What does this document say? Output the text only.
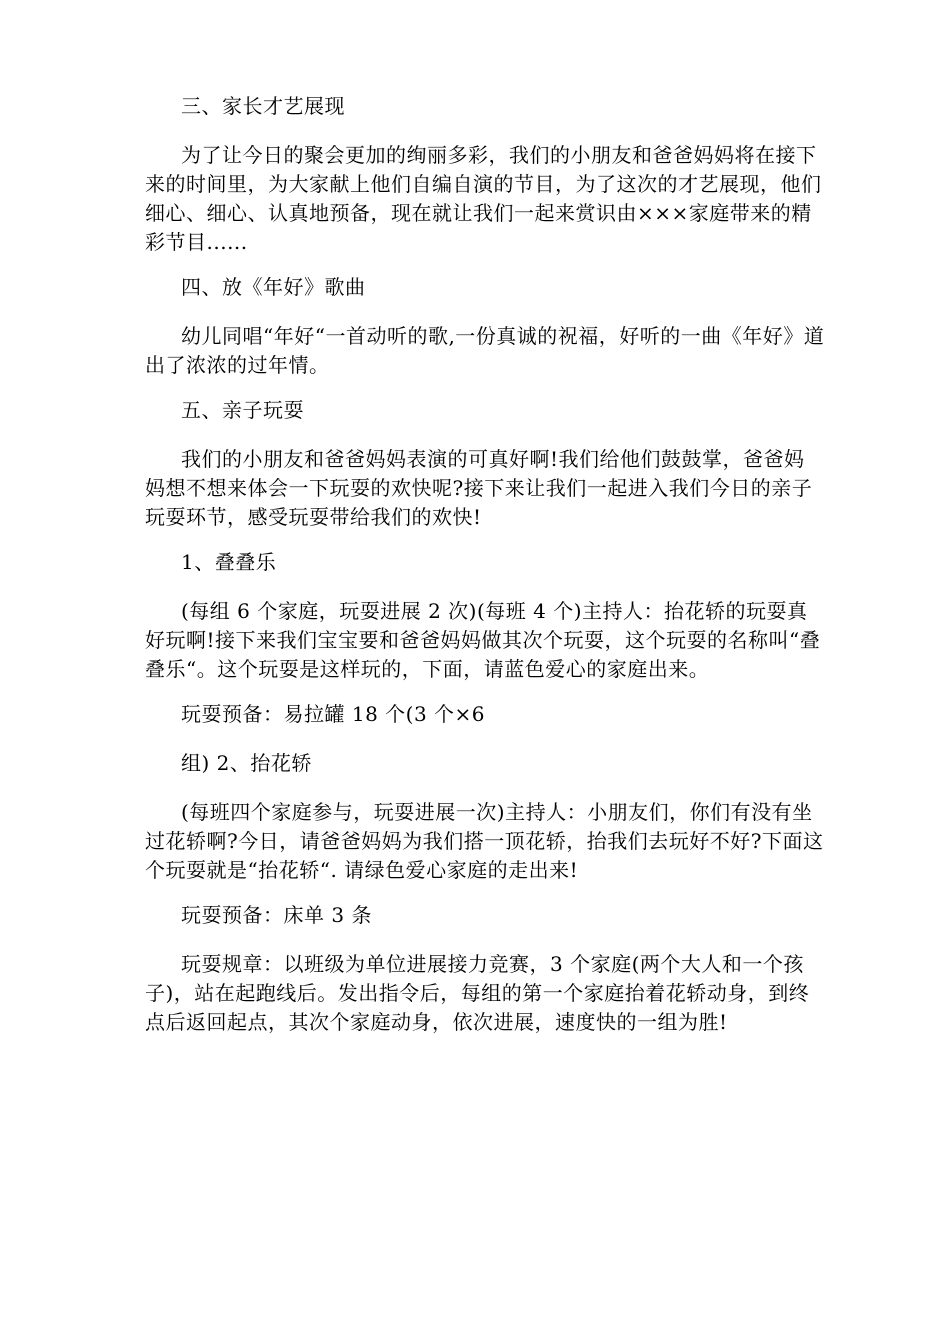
三、家长才艺展现

为了让今日的聚会更加的绚丽多彩，我们的小朋友和爸爸妈妈将在接下来的时间里，为大家献上他们自编自演的节目，为了这次的才艺展现，他们细心、细心、认真地预备，现在就让我们一起来赏识由×××家庭带来的精彩节目......

四、放《年好》歌曲

幼儿同唱“年好“一首动听的歌,一份真诚的祝福，好听的一曲《年好》道出了浓浓的过年情。

五、亲子玩耍

我们的小朋友和爸爸妈妈表演的可真好啊!我们给他们鼓鼓掌，爸爸妈妈想不想来体会一下玩耍的欢快呢?接下来让我们一起进入我们今日的亲子玩耍环节，感受玩耍带给我们的欢快!

1、叠叠乐

(每组 6 个家庭，玩耍进展 2 次)(每班 4 个)主持人：抬花轿的玩耍真好玩啊!接下来我们宝宝要和爸爸妈妈做其次个玩耍，这个玩耍的名称叫“叠叠乐“。这个玩耍是这样玩的，下面，请蓝色爱心的家庭出来。

玩耍预备：易拉罐 18 个(3 个×6

组) 2、抬花轿

(每班四个家庭参与，玩耍进展一次)主持人：小朋友们，你们有没有坐过花轿啊?今日，请爸爸妈妈为我们搭一顶花轿，抬我们去玩好不好?下面这个玩耍就是“抬花轿“. 请绿色爱心家庭的走出来!

玩耍预备：床单 3 条

玩耍规章：以班级为单位进展接力竞赛，3 个家庭(两个大人和一个孩子)，站在起跑线后。发出指令后，每组的第一个家庭抬着花轿动身，到终点后返回起点，其次个家庭动身，依次进展，速度快的一组为胜!
